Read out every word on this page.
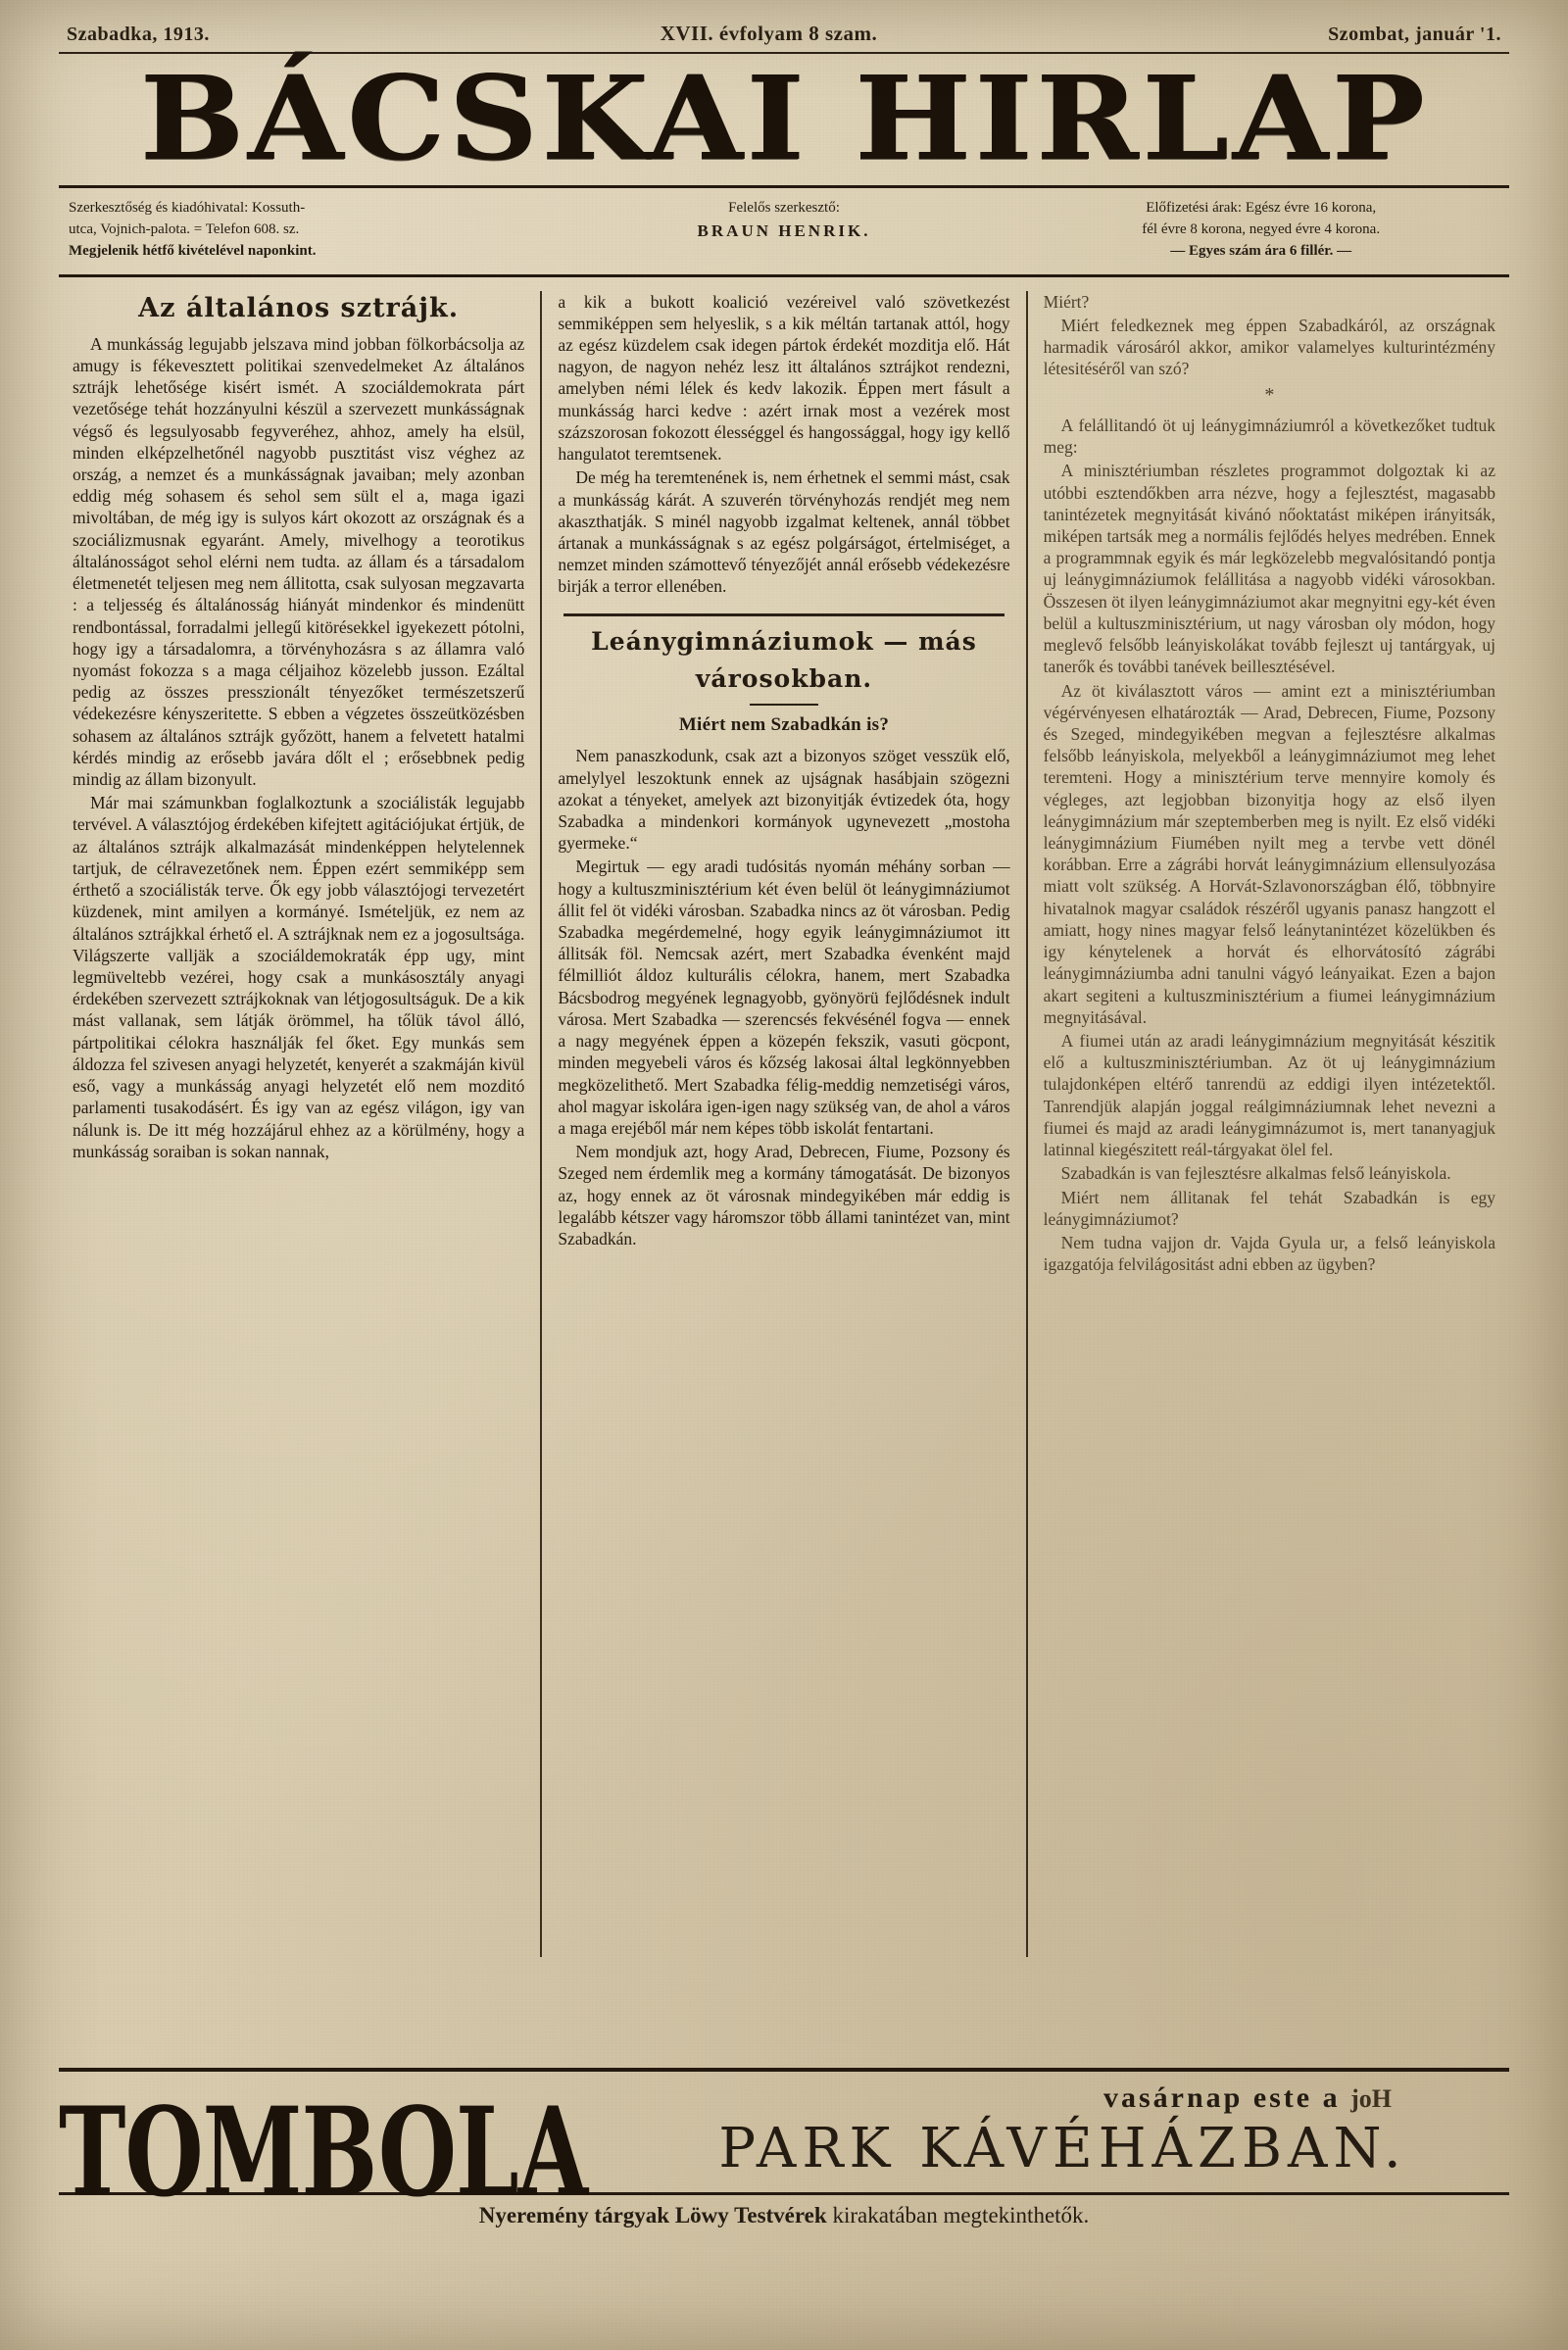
Szabadka, 1913.	XVII. évfolyam 8 szam.	Szombat, január '1.
BÁCSKAI HIRLAP
Szerkesztőség és kiadóhivatal: Kossuth-
utca, Vojnich-palota. = Telefon 608. sz.
Megjelenik hétfő kivételével naponkint.
Felelős szerkesztő:
BRAUN HENRIK.
Előfizetési árak: Egész évre 16 korona,
fél évre 8 korona, negyed évre 4 korona.
— Egyes szám ára 6 fillér. —
Az általános sztrájk.

A munkásság legujabb jelszava mind jobban fölkorbácsolja az amugy is fékevesztett politikai szenvedelmeket Az általános sztrájk lehetősége kisért ismét. A szociáldemokrata párt vezetősége tehát hozzányulni készül a szervezett munkásságnak végső és legsulyosabb fegyveréhez, ahhoz, amely ha elsül, minden elképzelhetőnél nagyobb pusztitást visz véghez az ország, a nemzet és a munkásságnak javaiban; mely azonban eddig még sohasem és sehol sem sült el a, maga igazi mivoltában, de még igy is sulyos kárt okozott az országnak és a szociálizmusnak egyaránt. Amely, mivelhogy a teorotikus általánosságot sehol elérni nem tudta. az állam és a társadalom életmenetét teljesen meg nem állitotta, csak sulyosan megzavarta : a teljesség és általánosság hiányát mindenkor és mindenütt rendbontással, forradalmi jellegű kitörésekkel igyekezett pótolni, hogy igy a társadalomra, a törvényhozásra s az államra való nyomást fokozza s a maga céljaihoz közelebb jusson. Ezáltal pedig az összes presszionált tényezőket természetszerű védekezésre kényszeritette. S ebben a végzetes összeütközésben sohasem az általános sztrájk győzött, hanem a felvetett hatalmi kérdés mindig az erősebb javára dőlt el ; erősebbnek pedig mindig az állam bizonyult.

Már mai számunkban foglalkoztunk a szociálisták legujabb tervével. A választójog érdekében kifejtett agitációjukat értjük, de az általános sztrájk alkalmazását mindenképpen helytelennek tartjuk, de célravezetőnek nem. Éppen ezért semmiképp sem érthető a szociálisták terve. Ők egy jobb választójogi tervezetért küzdenek, mint amilyen a kormányé. Ismételjük, ez nem az általános sztrájkkal érhető el. A sztrájknak nem ez a jogosultsága. Világszerte valljäk a szociáldemokraták épp ugy, mint legmüveltebb vezérei, hogy csak a munkásosztály anyagi érdekében szervezett sztrájkoknak van létjogosultságuk. De a kik mást vallanak, sem látják örömmel, ha tőlük távol álló, pártpolitikai célokra használják fel őket. Egy munkás sem áldozza fel szivesen anyagi helyzetét, kenyerét a szakmáján kivül eső, vagy a munkásság anyagi helyzetét elő nem mozditó parlamenti tusakodásért. És igy van az egész világon, igy van nálunk is. De itt még hozzájárul ehhez az a körülmény, hogy a munkásság soraiban is sokan nannak,

a kik a bukott koalició vezéreivel való szövetkezést semmiképpen sem helyeslik, s a kik méltán tartanak attól, hogy az egész küzdelem csak idegen pártok érdekét mozditja elő. Hát nagyon, de nagyon nehéz lesz itt általános sztrájkot rendezni, amelyben némi lélek és kedv lakozik. Éppen mert fásult a munkásság harci kedve : azért irnak most a vezérek most százszorosan fokozott élességgel és hangossággal, hogy igy kellő hangulatot teremtsenek.

De még ha teremtenének is, nem érhetnek el semmi mást, csak a munkásság kárát. A szuverén törvényhozás rendjét meg nem akaszthatják. S minél nagyobb izgalmat keltenek, annál többet ártanak a munkásságnak s az egész polgárságot, értelmiséget, a nemzet minden számottevő tényezőjét annál erősebb védekezésre birják a terror ellenében.

Leánygimnáziumok — más
városokban.
Miért nem Szabadkán is?

Nem panaszkodunk, csak azt a bizonyos szöget vesszük elő, amelylyel leszoktunk ennek az ujságnak hasábjain szögezni azokat a tényeket, amelyek azt bizonyitják évtizedek óta, hogy Szabadka a mindenkori kormányok ugynevezett „mostoha gyermeke.“

Megirtuk — egy aradi tudósitás nyomán méhány sorban — hogy a kultuszminisztérium két éven belül öt leánygimnáziumot állit fel öt vidéki városban. Szabadka nincs az öt városban. Pedig Szabadka megérdemelné, hogy egyik leánygimnáziumot itt állitsák föl. Nemcsak azért, mert Szabadka évenként majd félmilliót áldoz kulturális célokra, hanem, mert Szabadka Bácsbodrog megyének legnagyobb, gyönyörü fejlődésnek indult városa. Mert Szabadka — szerencsés fekvésénél fogva — ennek a nagy megyének éppen a közepén fekszik, vasuti göcpont, minden megyebeli város és kőzség lakosai által legkönnyebben megközelithető. Mert Szabadka félig-meddig nemzetiségi város, ahol magyar iskolára igen-igen nagy szükség van, de ahol a város a maga erejéből már nem képes több iskolát fentartani.

Nem mondjuk azt, hogy Arad, Debrecen, Fiume, Pozsony és Szeged nem érdemlik meg a kormány támogatását. De bizonyos az, hogy ennek az öt városnak mindegyikében már eddig is legalább kétszer vagy háromszor több állami tanintézet van, mint Szabadkán.

Miért?

Miért feledkeznek meg éppen Szabadkáról, az országnak harmadik városáról akkor, amikor valamelyes kulturintézmény létesitéséről van szó?

*

A felállitandó öt uj leánygimnáziumról a következőket tudtuk meg:

A minisztériumban részletes programmot dolgoztak ki az utóbbi esztendőkben arra nézve, hogy a fejlesztést, magasabb tanintézetek megnyitását kivánó nőoktatást miképen irányitsák, miképen tartsák meg a normális fejlődés helyes medrében. Ennek a programmnak egyik és már legközelebb megvalósitandó pontja uj leánygimnáziumok felállitása a nagyobb vidéki városokban. Összesen öt ilyen leánygimnáziumot akar megnyitni egy-két éven belül a kultuszminisztérium, ut nagy városban oly módon, hogy meglevő felsőbb leányiskolákat tovább fejleszt uj tantárgyak, uj tanerők és további tanévek beillesztésével.

Az öt kiválasztott város — amint ezt a minisztériumban végérvényesen elhatározták — Arad, Debrecen, Fiume, Pozsony és Szeged, mindegyikében megvan a fejlesztésre alkalmas felsőbb leányiskola, melyekből a leánygimnáziumot meg lehet teremteni. Hogy a minisztérium terve mennyire komoly és végleges, azt legjobban bizonyitja hogy az első ilyen leánygimnázium már szeptemberben meg is nyilt. Ez első vidéki leánygimnázium Fiumében nyilt meg a tervbe vett dönél korábban. Erre a zágrábi horvát leánygimnázium ellensulyozása miatt volt szükség. A Horvát-Szlavonországban élő, többnyire hivatalnok magyar családok részéről ugyanis panasz hangzott el amiatt, hogy nines magyar felső leánytanintézet közelükben és igy kénytelenek a horvát és elhorvátosító zágrábi leánygimnáziumba adni tanulni vágyó leányaikat. Ezen a bajon akart segiteni a kultuszminisztérium a fiumei leánygimnázium megnyitásával.

A fiumei után az aradi leánygimnázium megnyitását készitik elő a kultuszminisztériumban. Az öt uj leánygimnázium tulajdonképen eltérő tanrendü az eddigi ilyen intézetektől. Tanrendjük alapján joggal reálgimnáziumnak lehet nevezni a fiumei és majd az aradi leánygimnázumot is, mert tananyagjuk latinnal kiegészitett reál-tárgyakat ölel fel.

Szabadkán is van fejlesztésre alkalmas felső leányiskola.

Miért nem állitanak fel tehát Szabadkán is egy leánygimnáziumot?

Nem tudna vajjon dr. Vajda Gyula ur, a felső leányiskola igazgatója felvilágositást adni ebben az ügyben?

TOMBOLA	vasárnap este a joH
PARK KÁVÉHÁZBAN.
Nyeremény tárgyak Löwy Testvérek kirakatában megtekinthetők.
